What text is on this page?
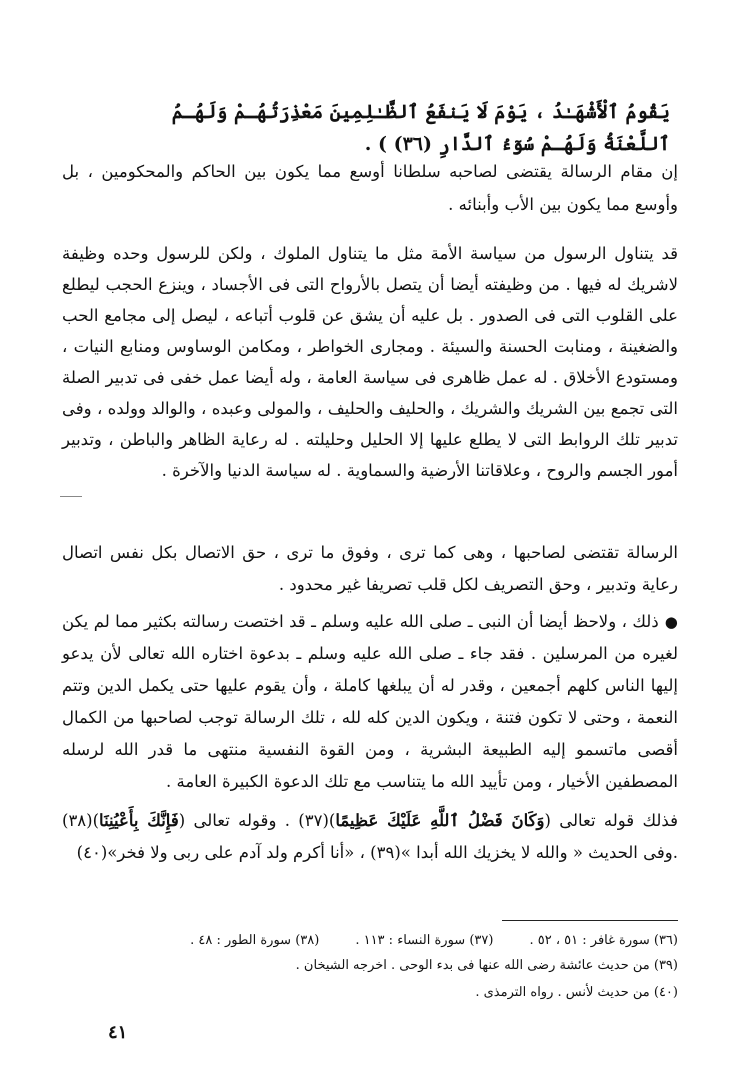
يَقُومُ ٱلْأَشْهَـٰدُ ، يَوْمَ لَا يَنفَعُ ٱلظَّـٰلِمِينَ مَعْذِرَتُهُـمْ وَلَهُـمُ ٱللَّعْنَةُ وَلَهُـمْ سُوٓءُ ٱلدَّارِ (٣٦) ) .

إن مقام الرسالة يقتضى لصاحبه سلطانا أوسع مما يكون بين الحاكم والمحكومين ، بل وأوسع مما يكون بين الأب وأبنائه .

قد يتناول الرسول من سياسة الأمة مثل ما يتناول الملوك ، ولكن للرسول وحده وظيفة لاشريك له فيها . من وظيفته أيضا أن يتصل بالأرواح التى فى الأجساد ، وينزع الحجب ليطلع على القلوب التى فى الصدور . بل عليه أن يشق عن قلوب أتباعه ، ليصل إلى مجامع الحب والضغينة ، ومنابت الحسنة والسيئة . ومجارى الخواطر ، ومكامن الوساوس ومنابع النيات ، ومستودع الأخلاق . له عمل ظاهرى فى سياسة العامة ، وله أيضا عمل خفى فى تدبير الصلة التى تجمع بين الشريك والشريك ، والحليف والحليف ، والمولى وعبده ، والوالد وولده ، وفى تدبير تلك الروابط التى لا يطلع عليها إلا الحليل وحليلته . له رعاية الظاهر والباطن ، وتدبير أمور الجسم والروح ، وعلاقاتنا الأرضية والسماوية . له سياسة الدنيا والآخرة .

الرسالة تقتضى لصاحبها ، وهى كما ترى ، وفوق ما ترى ، حق الاتصال بكل نفس اتصال رعاية وتدبير ، وحق التصريف لكل قلب تصريفا غير محدود .

●ذلك ، ولاحظ أيضا أن النبى ـ صلى الله عليه وسلم ـ قد اختصت رسالته بكثير مما لم يكن لغيره من المرسلين . فقد جاء ـ صلى الله عليه وسلم ـ بدعوة اختاره الله تعالى لأن يدعو إليها الناس كلهم أجمعين ، وقدر له أن يبلغها كاملة ، وأن يقوم عليها حتى يكمل الدين وتتم النعمة ، وحتى لا تكون فتنة ، ويكون الدين كله لله ، تلك الرسالة توجب لصاحبها من الكمال أقصى ماتسمو إليه الطبيعة البشرية ، ومن القوة النفسية منتهى ما قدر الله لرسله المصطفين الأخيار ، ومن تأييد الله ما يتناسب مع تلك الدعوة الكبيرة العامة .

فذلك قوله تعالى (وَكَانَ فَضْلُ ٱللَّهِ عَلَيْكَ عَظِيمًا)(٣٧) . وقوله تعالى (فَإِنَّكَ بِأَعْيُنِنَا)(٣٨) .وفى الحديث « والله لا يخزيك الله أبدا »(٣٩) ، «أنا أكرم ولد آدم على ربى ولا فخر»(٤٠)

(٣٦) سورة غافر : ٥١ ، ٥٢ .(٣٧) سورة النساء : ١١٣ .(٣٨) سورة الطور : ٤٨ .
(٣٩) من حديث عائشة رضى الله عنها فى بدء الوحى . اخرجه الشيخان .
(٤٠) من حديث لأنس . رواه الترمذى .
٤١
